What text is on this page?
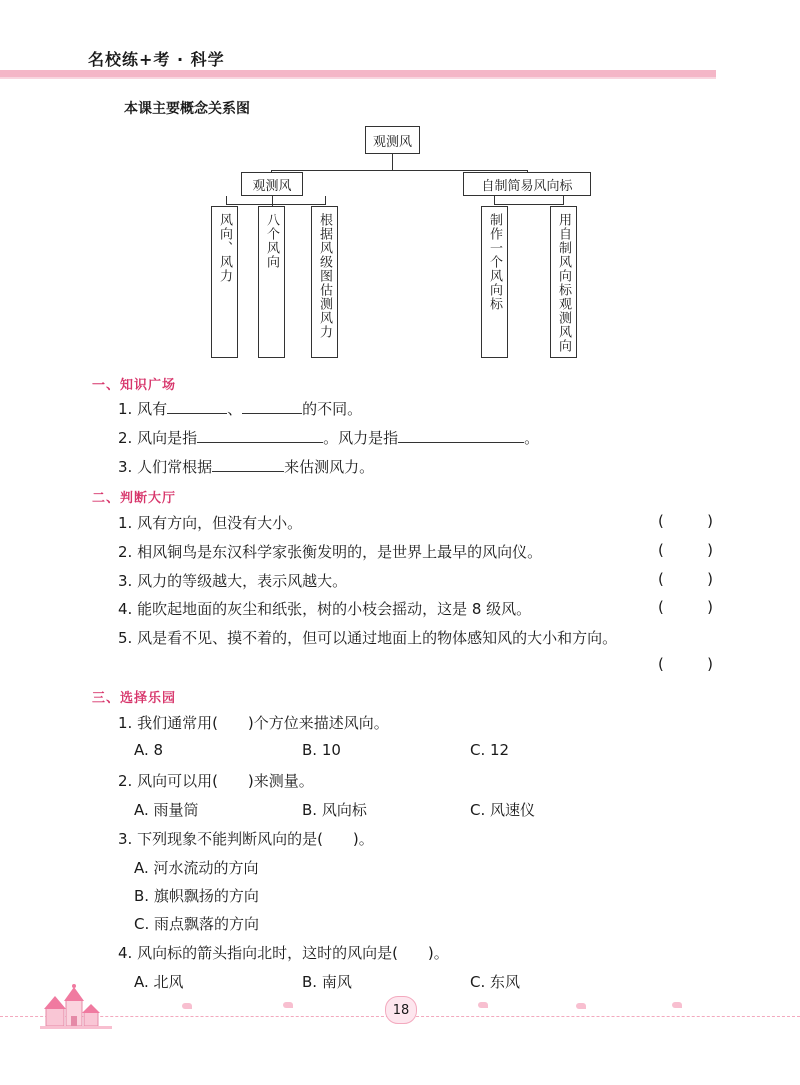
名校练+考 · 科学
本课主要概念关系图
观测风
观测风	自制简易风向标
风向、风力 八个风向	根据风级图估测风力	制作一个风向标	用自制风向标观测风向
一、知识广场
1. 风有	、	的不同。
2. 风向是指	。风力是指	。
3. 人们常根据	来估测风力。
二、判断大厅
1. 风有方向，但没有大小。	(	)
2. 相风铜鸟是东汉科学家张衡发明的，是世界上最早的风向仪。	(	)
3. 风力的等级越大，表示风越大。	(	)
4. 能吹起地面的灰尘和纸张，树的小枝会摇动，这是 8 级风。	(	)
5. 风是看不见、摸不着的，但可以通过地面上的物体感知风的大小和方向。
(	)
三、选择乐园
1. 我们通常用(　　)个方位来描述风向。
A. 8	B. 10	C. 12
2. 风向可以用(　　)来测量。
A. 雨量筒	B. 风向标	C. 风速仪
3. 下列现象不能判断风向的是(　　)。
A. 河水流动的方向
B. 旗帜飘扬的方向
C. 雨点飘落的方向
4. 风向标的箭头指向北时，这时的风向是(　　)。
A. 北风	B. 南风	C. 东风
18
